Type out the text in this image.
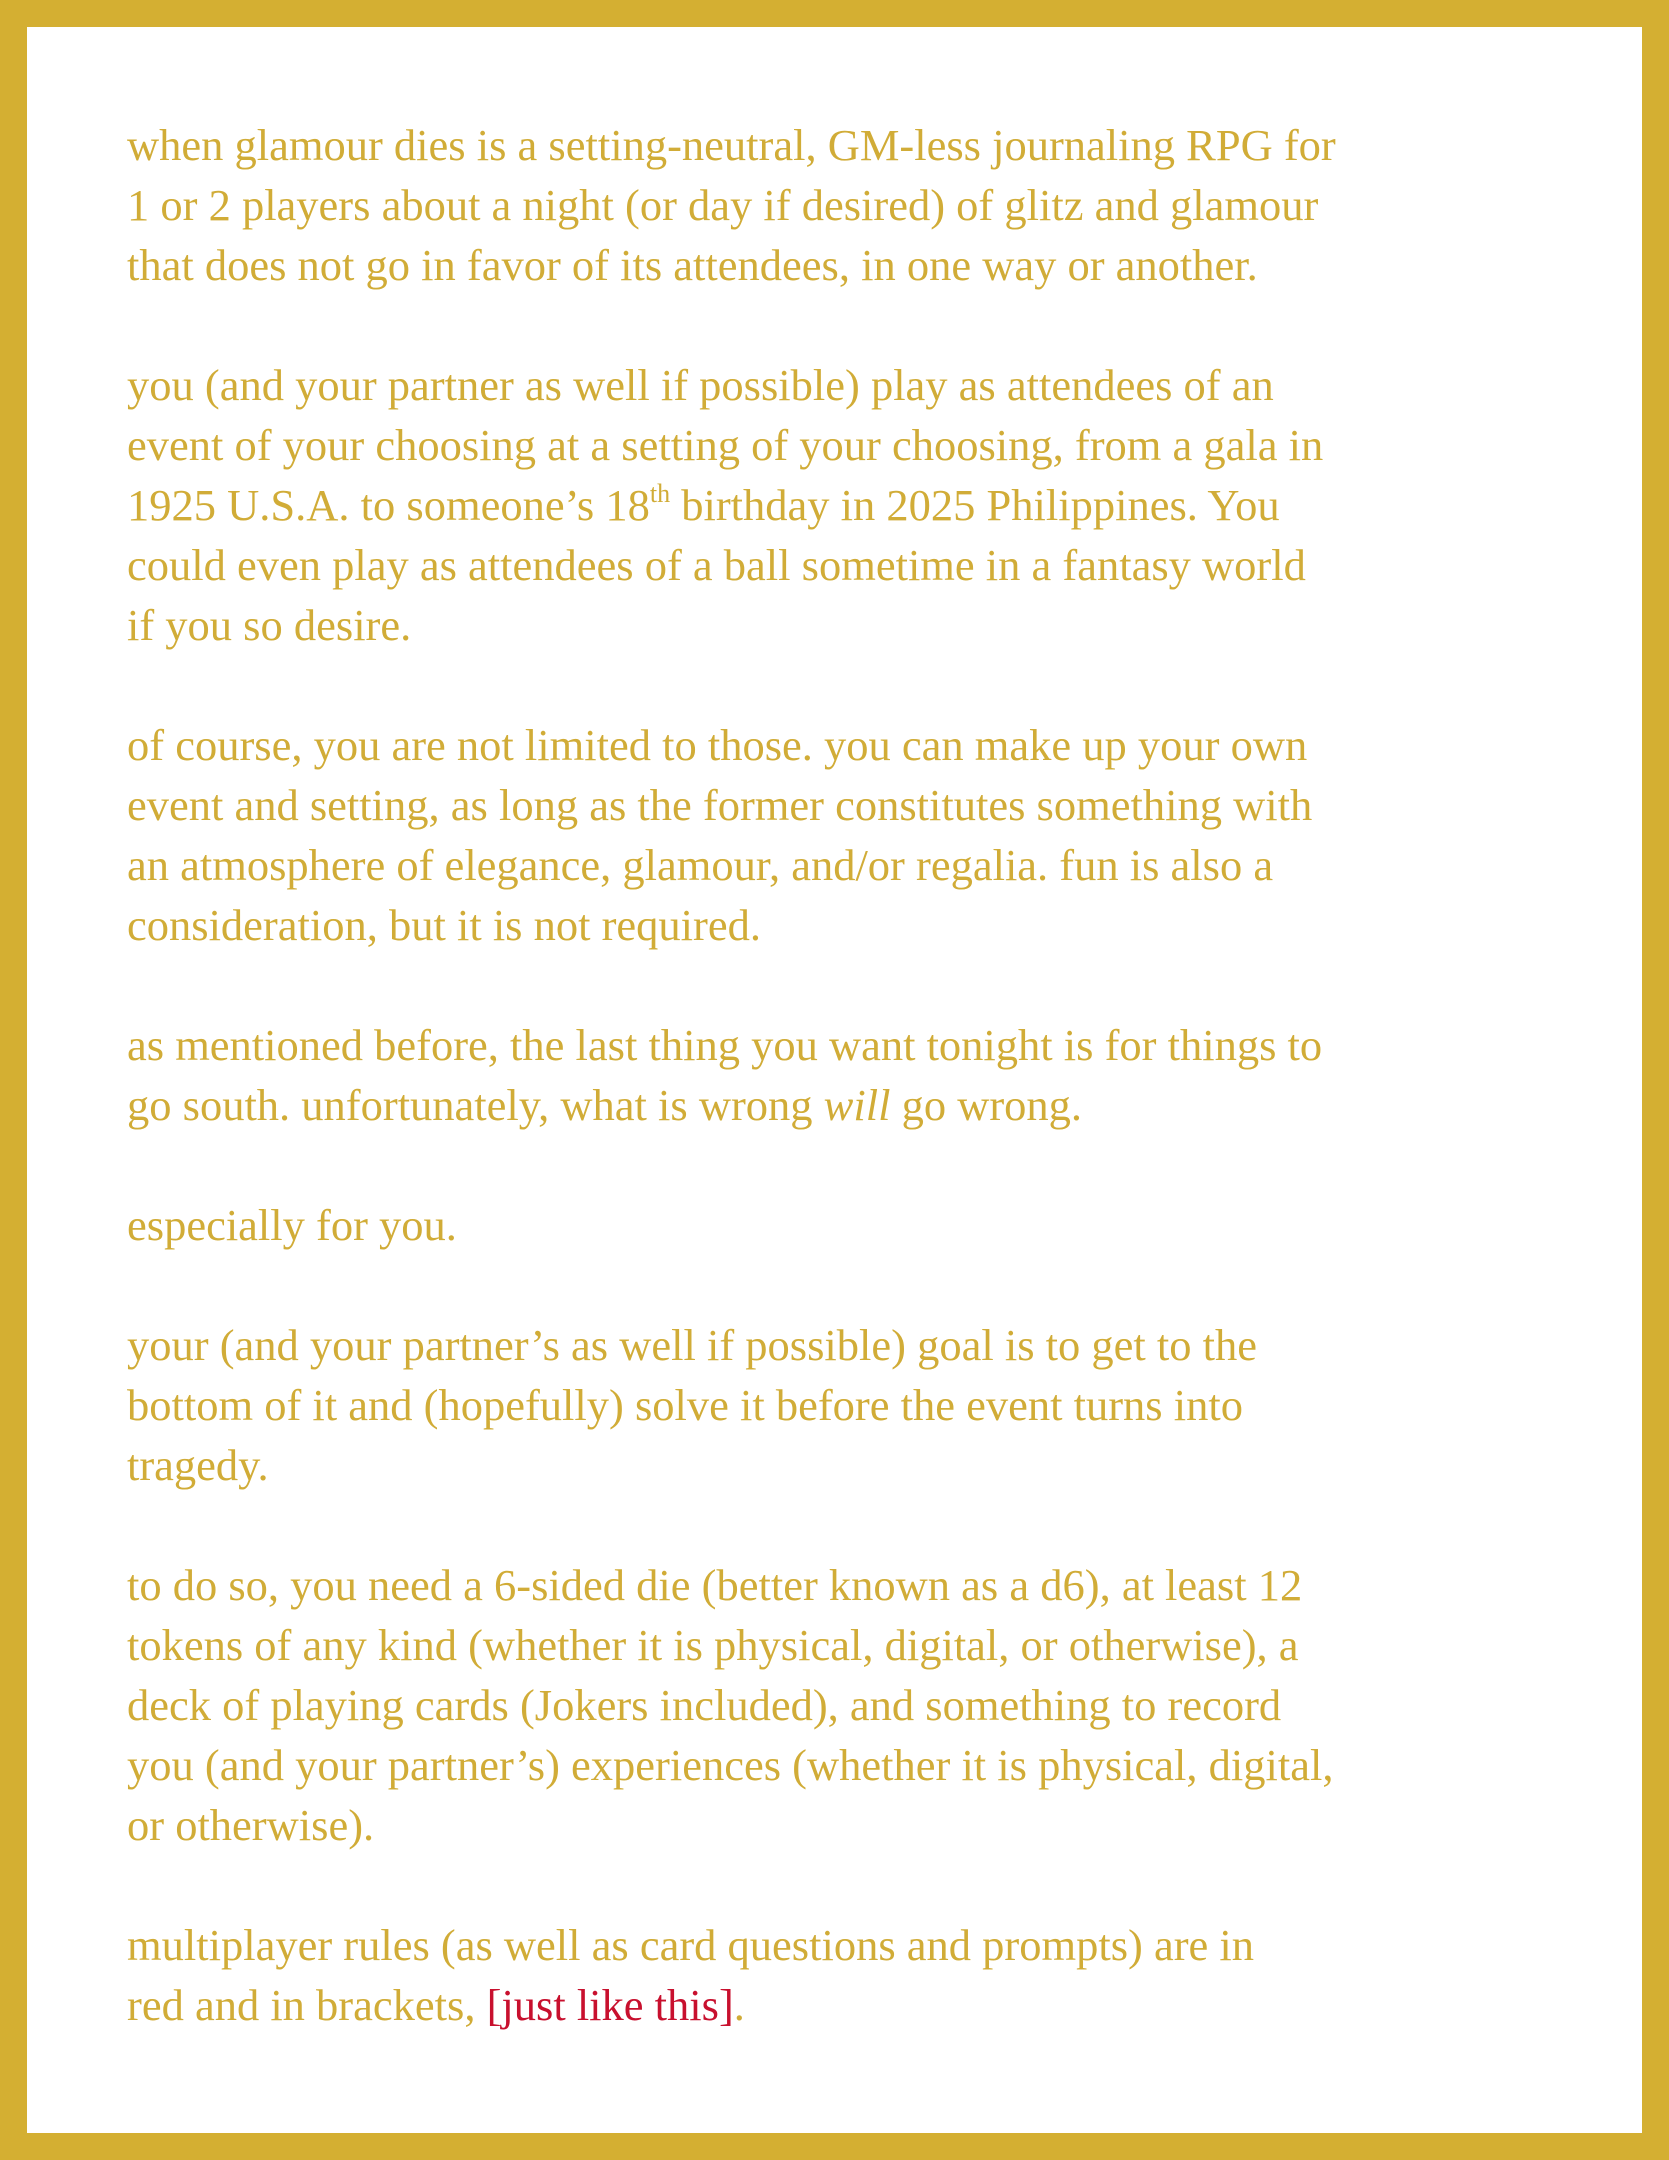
when glamour dies is a setting-neutral, GM-less journaling RPG for
1 or 2 players about a night (or day if desired) of glitz and glamour
that does not go in favor of its attendees, in one way or another.

you (and your partner as well if possible) play as attendees of an
event of your choosing at a setting of your choosing, from a gala in
1925 U.S.A. to someone’s 18th birthday in 2025 Philippines. You
could even play as attendees of a ball sometime in a fantasy world
if you so desire.

of course, you are not limited to those. you can make up your own
event and setting, as long as the former constitutes something with
an atmosphere of elegance, glamour, and/or regalia. fun is also a
consideration, but it is not required.

as mentioned before, the last thing you want tonight is for things to
go south. unfortunately, what is wrong will go wrong.

especially for you.

your (and your partner’s as well if possible) goal is to get to the
bottom of it and (hopefully) solve it before the event turns into
tragedy.

to do so, you need a 6-sided die (better known as a d6), at least 12
tokens of any kind (whether it is physical, digital, or otherwise), a
deck of playing cards (Jokers included), and something to record
you (and your partner’s) experiences (whether it is physical, digital,
or otherwise).

multiplayer rules (as well as card questions and prompts) are in
red and in brackets, [just like this].
